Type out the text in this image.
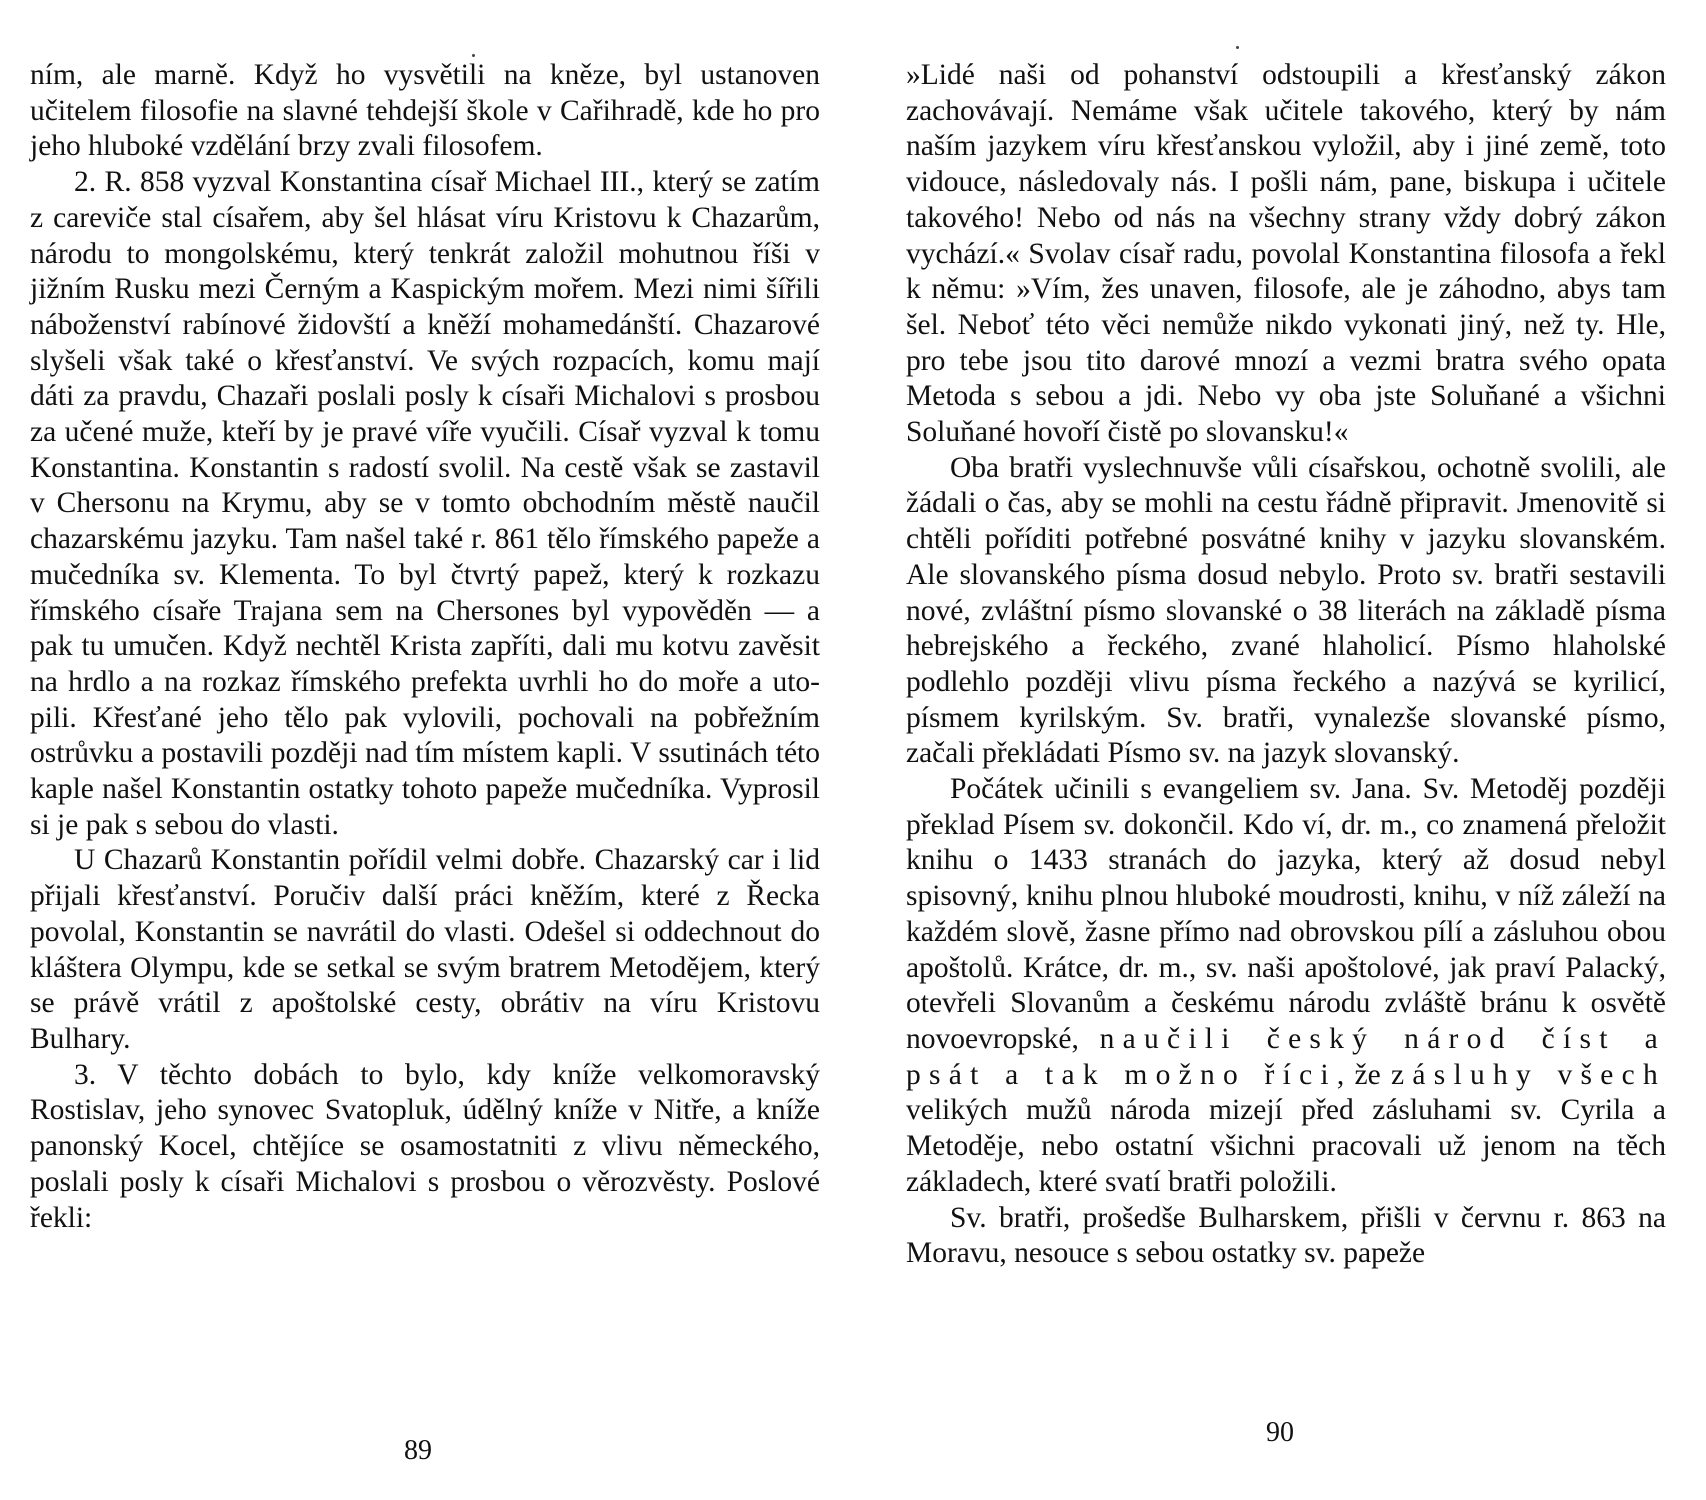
ním, ale marně. Když ho vysvětili na kněze, byl ustanoven učitelem filosofie na slavné tehdejší škole v Cařihradě, kde ho pro jeho hluboké vzdělání brzy zvali filosofem.

2. R. 858 vyzval Konstantina císař Michael III., který se zatím z careviče stal císařem, aby šel hlásat víru Kristovu k Chazarům, národu to mongolskému, který tenkrát založil mohutnou říši v jižním Rusku mezi Černým a Kaspickým mořem. Mezi nimi šířili náboženství rabínové židovští a kněží mohamedánští. Chazarové slyšeli však také o křesťanství. Ve svých rozpacích, komu mají dáti za pravdu, Chazaři poslali posly k císaři Michalovi s prosbou za učené muže, kteří by je pravé víře vyučili. Císař vyzval k tomu Konstantina. Konstantin s radostí svolil. Na cestě však se zastavil v Chersonu na Krymu, aby se v tomto obchodním městě naučil chazarskému jazyku. Tam našel také r. 861 tělo římského papeže a mučedníka sv. Klementa. To byl čtvrtý papež, který k rozkazu římského císaře Trajana sem na Chersones byl vypověděn — a pak tu umučen. Když nechtěl Krista zapříti, dali mu kotvu zavěsit na hrdlo a na rozkaz římského prefekta uvrhli ho do moře a utopili. Křesťané jeho tělo pak vylovili, pochovali na pobřežním ostrůvku a postavili později nad tím místem kapli. V ssutinách této kaple našel Konstantin ostatky tohoto papeže mučedníka. Vyprosil si je pak s sebou do vlasti.

U Chazarů Konstantin pořídil velmi dobře. Chazarský car i lid přijali křesťanství. Poručiv další práci kněžím, které z Řecka povolal, Konstantin se navrátil do vlasti. Odešel si oddechnout do kláštera Olympu, kde se setkal se svým bratrem Metodějem, který se právě vrátil z apoštolské cesty, obrátiv na víru Kristovu Bulhary.

3. V těchto dobách to bylo, kdy kníže velkomoravský Rostislav, jeho synovec Svatopluk, údělný kníže v Nitře, a kníže panonský Kocel, chtějíce se osamostatniti z vlivu německého, poslali posly k císaři Michalovi s prosbou o věrozvěsty. Poslové řekli:

»Lidé naši od pohanství odstoupili a křesťanský zákon zachovávají. Nemáme však učitele takového, který by nám naším jazykem víru křesťanskou vyložil, aby i jiné země, toto vidouce, následovaly nás. I pošli nám, pane, biskupa i učitele takového! Nebo od nás na všechny strany vždy dobrý zákon vychází.« Svolav císař radu, povolal Konstantina filosofa a řekl k němu: »Vím, žes unaven, filosofe, ale je záhodno, abys tam šel. Neboť této věci nemůže nikdo vykonati jiný, než ty. Hle, pro tebe jsou tito darové mnozí a vezmi bratra svého opata Metoda s sebou a jdi. Nebo vy oba jste Soluňané a všichni Soluňané hovoří čistě po slovansku!«

Oba bratři vyslechnuvše vůli císařskou, ochotně svolili, ale žádali o čas, aby se mohli na cestu řádně připravit. Jmenovitě si chtěli poříditi potřebné posvátné knihy v jazyku slovanském. Ale slovanského písma dosud nebylo. Proto sv. bratři sestavili nové, zvláštní písmo slovanské o 38 literách na základě písma hebrejského a řeckého, zvané hlaholicí. Písmo hlaholské podlehlo později vlivu písma řeckého a nazývá se kyrilicí, písmem kyrilským. Sv. bratři, vynalezše slovanské písmo, začali překládati Písmo sv. na jazyk slovanský.

Počátek učinili s evangeliem sv. Jana. Sv. Metoděj později překlad Písem sv. dokončil. Kdo ví, dr. m., co znamená přeložit knihu o 1433 stranách do jazyka, který až dosud nebyl spisovný, knihu plnou hluboké moudrosti, knihu, v níž záleží na každém slově, žasne přímo nad obrovskou pílí a zásluhou obou apoštolů. Krátce, dr. m., sv. naši apoštolové, jak praví Palacký, otevřeli Slovanům a českému národu zvláště bránu k osvětě novoevropské, naučili český národ číst a psát a tak možno říci, že zásluhy všech velikých mužů národa mizejí před zásluhami sv. Cyrila a Metoděje, nebo ostatní všichni pracovali už jenom na těch základech, které svatí bratři položili.

Sv. bratři, prošedše Bulharskem, přišli v červnu r. 863 na Moravu, nesouce s sebou ostatky sv. papeže

89
90
